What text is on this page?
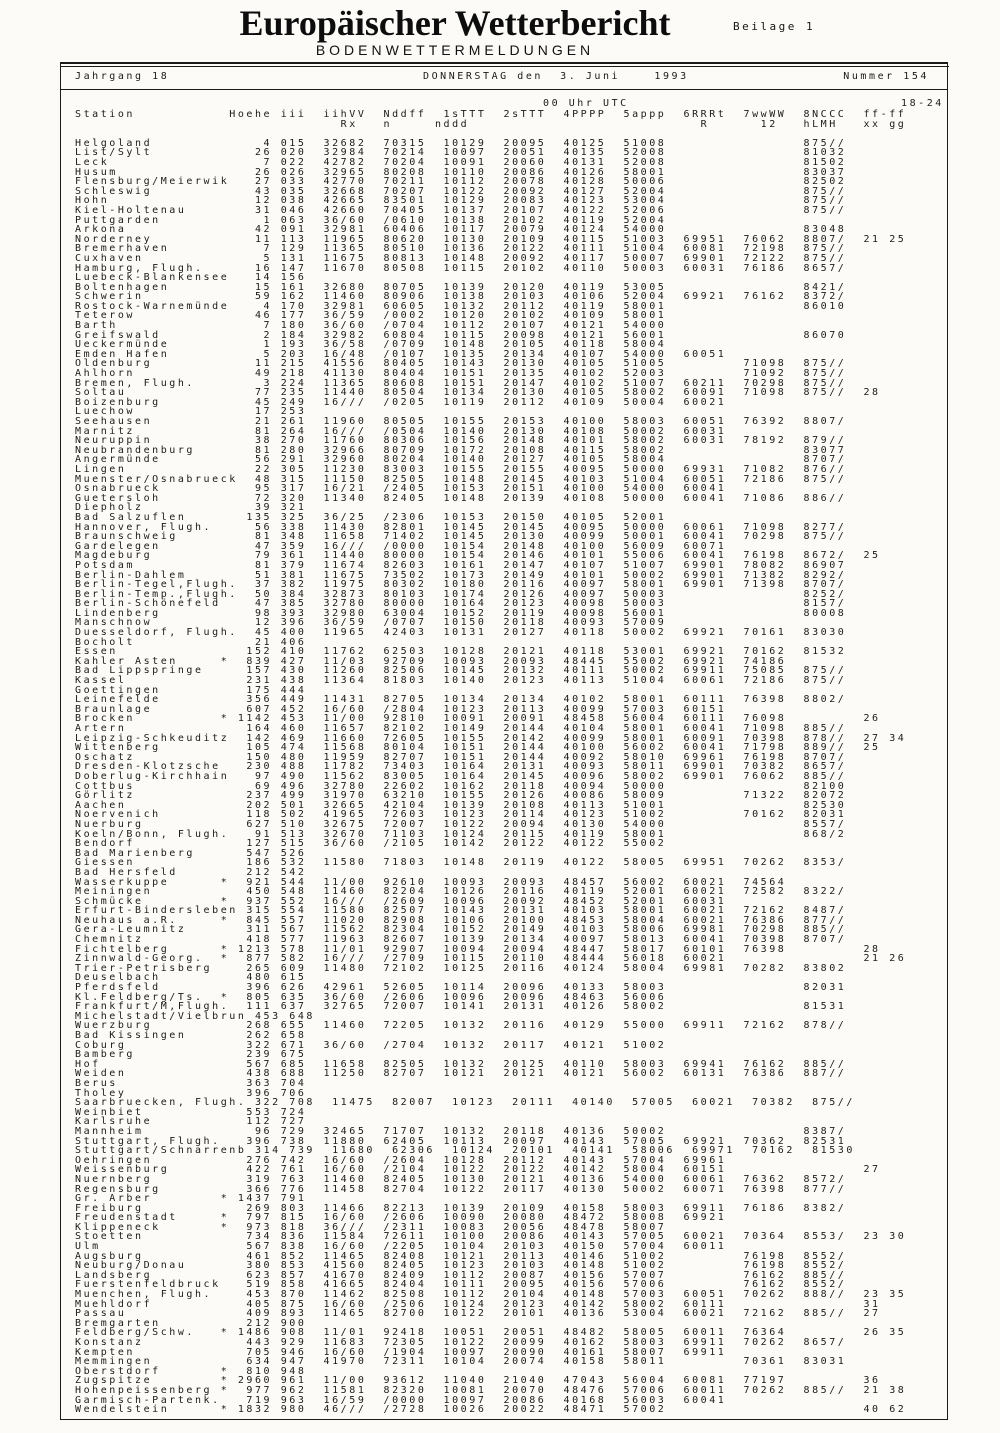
Europäischer Wetterbericht	Beilage 1
BODENWETTERMELDUNGEN
Jahrgang 18	DONNERSTAG den  3. Juni    1993	Nummer 154
00 Uhr UTC	18-24
Station           Hoehe iii  iihVV  Nddff  1sTTT  2sTTT  4PPPP  5appp  6RRRt  7wwWW  8NCCC  ff-ff
Rx   n     nddd                           R      12   hLMH   xx gg

Helgoland             4 015  32682  70315  10129  20095  40125  51008                875//
List/Sylt            26 020  32984  70214  10097  20051  40135  52008                81032
Leck                  7 022  42782  70204  10091  20060  40131  52008                81502
Husum                26 026  32965  80208  10110  20086  40126  58001                83037
Flensburg/Meierwik   27 033  42770  70211  10112  20078  40128  50006                82502
Schleswig            43 035  32668  70207  10122  20092  40127  52004                875//
Hohn                 12 038  42665  83501  10129  20083  40123  53004                875//
Kiel-Holtenau        31 046  42660  70405  10137  20107  40122  52006                875//
Puttgarden            1 063  36/60  /0610  10138  20102  40119  52004
Arkona               42 091  32981  60406  10117  20079  40124  54000                83048
Norderney            11 113  11965  80620  10130  20109  40115  51003  69951  76062  8807/  21 25
Bremerhaven           7 129  11365  80510  10136  20122  40111  51004  60081  72198  875//
Cuxhaven              5 131  11675  80813  10148  20092  40117  50007  69901  72122  875//
Hamburg, Flugh.      16 147  11670  80508  10115  20102  40110  50003  60031  76186  8657/
Luebeck-Blankensee   14 156
Boltenhagen          15 161  32680  80705  10139  20120  40119  53005                8421/
Schwerin             59 162  11460  80906  10138  20103  40106  52004  69921  76162  8372/
Rostock-Warnemünde    4 170  32981  60605  10132  20112  40119  58001                86010
Teterow              46 177  36/59  /0002  10120  20102  40109  58001
Barth                 7 180  36/60  /0704  10112  20107  40121  54000
Greifswald            2 184  32982  60804  10115  20098  40121  56001                86070
Ueckermünde           1 193  36/58  /0709  10148  20105  40118  58004
Emden Hafen           5 203  16/48  /0107  10135  20134  40107  54000  60051
Oldenburg            11 215  41556  80405  10143  20130  40105  51005         71098  875//
Ahlhorn              49 218  41130  80404  10151  20135  40102  52003         71092  875//
Bremen, Flugh.        3 224  11365  80608  10151  20147  40102  51007  60211  70298  875//
Soltau               77 235  11440  80504  10134  20130  40105  58002  60091  71098  875//  28
Boizenburg           45 249  16///  /0205  10119  20112  40109  50004  60021
Luechow              17 253
Seehausen            21 261  11960  80505  10155  20153  40100  58003  60051  76392  8807/
Marnitz              81 264  16///  /0504  10140  20130  40108  50002  60031
Neuruppin            38 270  11760  80306  10156  20148  40101  58002  60031  78192  879//
Neubrandenburg       81 280  32966  80709  10172  20108  40115  58002                83077
Angermünde           56 291  32960  80204  10140  20127  40105  58004                8707/
Lingen               22 305  11230  83003  10155  20155  40095  50000  69931  71082  876//
Muenster/Osnabrueck  48 315  11150  82505  10148  20145  40103  51004  60051  72186  875//
Osnabrueck           95 317  16/21  /2405  10153  20151  40100  54000  60041
Guetersloh           72 320  11340  82405  10148  20139  40108  50000  60041  71086  886//
Diepholz             39 321
Bad Salzuflen       135 325  36/25  /2306  10153  20150  40105  52001
Hannover, Flugh.     56 338  11430  82801  10145  20145  40095  50000  60061  71098  8277/
Braunschweig         81 348  11658  71402  10145  20130  40099  50001  60041  70298  875//
Gardelegen           47 359  16///  /0000  10154  20148  40100  56009  60071
Magdeburg            79 361  11440  80000  10154  20146  40101  55006  60041  76198  8672/  25
Potsdam              81 379  11674  82603  10161  20147  40107  51007  69901  78082  86907
Berlin-Dahlem        51 381  11675  73502  10173  20149  40101  50002  69901  71382  8292/
Berlin-Tegel,Flugh.  37 382  11975  80302  10180  20116  40097  58001  69901  71398  8707/
Berlin-Temp.,Flugh.  50 384  32873  80103  10174  20126  40097  50003                8252/
Berlin-Schönefeld    47 385  32780  80000  10164  20123  40098  50003                8157/
Lindenberg           98 393  32980  63004  10152  20119  40098  56001                80008
Manschnow            12 396  36/59  /0707  10150  20118  40093  57009
Duesseldorf, Flugh.  45 400  11965  42403  10131  20127  40118  50002  69921  70161  83030
Bocholt              21 406
Essen               152 410  11762  62503  10128  20121  40118  53001  69921  70162  81532
Kahler Asten     *  839 427  11/03  92709  10093  20093  48445  55002  69921  74186
Bad Lippspringe     157 430  11260  82506  10145  20132  40111  50002  69911  75085  875//
Kassel              231 438  11364  81803  10140  20123  40113  51004  60061  72186  875//
Goettingen          175 444
Leinefelde          356 449  11431  82705  10134  20134  40102  58001  60111  76398  8802/
Braunlage           607 452  16/60  /2804  10123  20113  40099  57003  60151
Brocken          * 1142 453  11/00  92810  10091  20091  48458  56004  60111  76098         26
Artern              164 460  11657  82102  10149  20144  40104  58001  60041  71098  885//
Leipzig-Schkeuditz  142 469  11660  72605  10155  20142  40099  58001  60091  70398  878//  27 34
Wittenberg          105 474  11568  80104  10151  20144  40100  56002  60041  71798  889//  25
Oschatz             150 480  11959  82707  10151  20144  40092  58010  69961  76198  8707/
Dresden-Klotzsche   230 488  11782  73403  10164  20131  40093  58011  69901  70382  8657/
Doberlug-Kirchhain   97 490  11562  83005  10164  20145  40096  58002  69901  76062  885//
Cottbus              69 496  32780  22602  10162  20118  40094  50000                82100
Görlitz             237 499  31970  63210  10155  20126  40086  58009         71322  82072
Aachen              202 501  32665  42104  10139  20108  40113  51001                82530
Noervenich          118 502  41965  72603  10123  20114  40123  51002         70162  82031
Nuerburg            627 510  32675  72007  10122  20094  40130  54000                8557/
Koeln/Bonn, Flugh.   91 513  32670  71103  10124  20115  40119  58001                868/2
Bendorf             127 515  36/60  /2105  10142  20122  40122  55002
Bad Marienberg      547 526
Giessen             186 532  11580  71803  10148  20119  40122  58005  69951  70262  8353/
Bad Hersfeld        212 542
Wasserkuppe      *  921 544  11/00  92610  10093  20093  48457  56002  60021  74564
Meiningen           450 548  11460  82204  10126  20116  40119  52001  60021  72582  8322/
Schmücke         *  937 552  16///  /2609  10096  20092  48452  52001  60031
Erfurt-Bindersleben 315 554  11580  82507  10143  20131  40103  58001  60021  72162  8487/
Neuhaus a.R.     *  845 557  11020  82908  10106  20100  48453  58004  60021  76386  877//
Gera-Leumnitz       311 567  11562  82304  10152  20149  40103  58006  69981  70298  885//
Chemnitz            418 577  11963  82607  10139  20134  40097  58013  60041  70398  8707/
Fichtelberg      * 1213 578  11/01  92907  10094  20094  48447  58017  60101  76398         28
Zinnwald-Georg.  *  877 582  16///  /2709  10115  20110  48444  56018  60021                21 26
Trier-Petrisberg    265 609  11480  72102  10125  20116  40124  58004  69981  70282  83802
Deuselbach          480 615
Pferdsfeld          396 626  42961  52605  10114  20096  40133  58003                82031
Kl.Feldberg/Ts.  *  805 635  36/60  /2606  10096  20096  48463  56006
Frankfurt/M,Flugh.  111 637  32765  72007  10141  20131  40126  58002                81531
Michelstadt/Vielbrun 453 648
Wuerzburg           268 655  11460  72205  10132  20116  40129  55000  69911  72162  878//
Bad Kissingen       262 658
Coburg              322 671  36/60  /2704  10132  20117  40121  51002
Bamberg             239 675
Hof                 567 685  11658  82505  10132  20125  40110  58003  69941  76162  885//
Weiden              438 688  11250  82707  10121  20121  40121  56002  60131  76386  887//
Berus               363 704
Tholey              396 706
Saarbruecken, Flugh. 322 708  11475  82007  10123  20111  40140  57005  60021  70382  875//
Weinbiet            553 724
Karlsruhe           112 727
Mannheim             96 729  32465  71707  10132  20118  40136  50002                8387/
Stuttgart, Flugh.   396 738  11880  62405  10113  20097  40143  57005  69921  70362  82531
Stuttgart/Schnarrenb 314 739  11680  62306  10124  20101  40141  58006  69971  70162  81530
Oehringen           276 742  16/60  /2604  10128  20112  40143  57004  69961
Weissenburg         422 761  16/60  /2104  10122  20122  40142  58004  60151                27
Nuernberg           319 763  11460  82405  10130  20121  40136  54000  60061  76362  8572/
Regensburg          366 776  11458  82704  10122  20117  40130  50002  60071  76398  877//
Gr. Arber        * 1437 791
Freiburg            269 803  11466  82213  10139  20109  40158  58003  69911  76186  8382/
Freudenstadt     *  797 815  16/60  /2606  10090  20080  48472  58008  69921
Klippeneck       *  973 818  36///  /2311  10083  20056  48478  58007
Stoetten            734 836  11584  72611  10100  20086  40143  57005  60021  70364  8553/  23 30
Ulm                 567 838  16/60  /2205  10104  20103  40150  57004  60011
Augsburg            461 852  11465  82408  10121  20113  40146  51002         76198  8552/
Neuburg/Donau       380 853  41560  82405  10123  20103  40148  51002         76198  8552/
Landsberg           623 857  41670  82409  10112  20087  40156  57007         76162  885//
Fuerstenfeldbruck   519 858  41665  82404  10111  20095  40156  57006         76162  8552/
Muenchen, Flugh.    453 870  11462  82508  10112  20104  40148  57003  60051  70262  888//  23 35
Muehldorf           405 875  16/60  /2506  10124  20123  40142  58002  60111                31
Passau              409 893  11465  82700  10122  20101  40136  53004  60021  72162  885//  27
Bremgarten          212 900
Feldberg/Schw.   * 1486 908  11/01  92418  10051  20051  48482  58005  60011  76364         26 35
Konstanz            443 929  11683  72305  10122  20099  40162  58003  69911  70262  8657/
Kempten             705 946  16/60  /1904  10097  20090  40161  58007  69911
Memmingen           634 947  41970  72311  10104  20074  40158  58011         70361  83031
Oberstdorf       *  810 948
Zugspitze        * 2960 961  11/00  93612  11040  21040  47043  56004  60081  77197         36
Hohenpeissenberg *  977 962  11581  82320  10081  20070  48476  57006  60011  70262  885//  21 38
Garmisch-Partenk.   719 963  16/59  /0000  10097  20086  40168  56003  60041
Wendelstein      * 1832 980  46///  /2728  10026  20022  48471  57002                       40 62
